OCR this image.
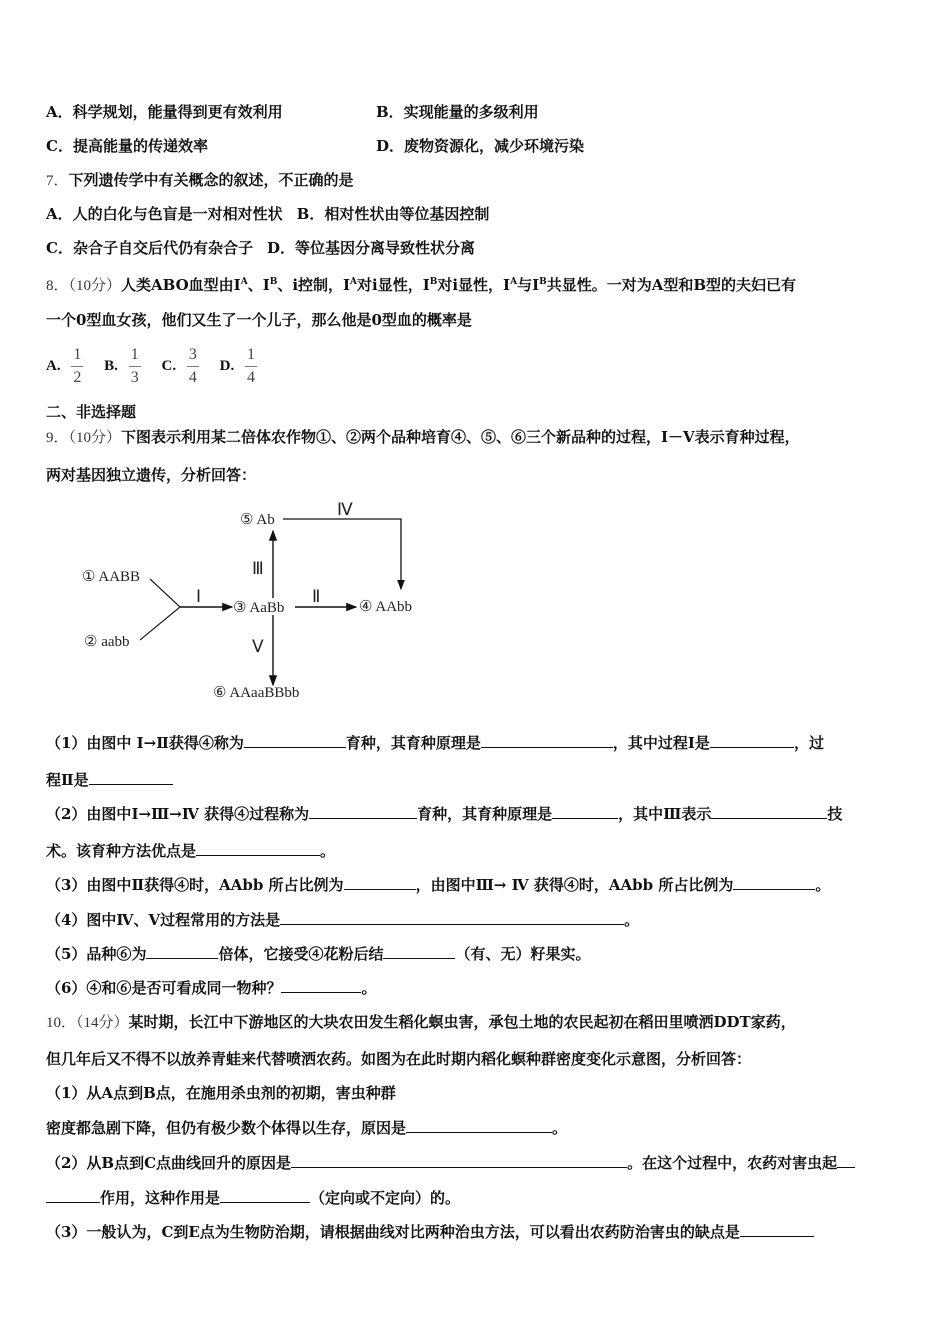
A．科学规划，能量得到更有效利用	B．实现能量的多级利用
C．提高能量的传递效率	D．废物资源化，减少环境污染
7．下列遗传学中有关概念的叙述，不正确的是
A．人的白化与色盲是一对相对性状 B．相对性状由等位基因控制
C．杂合子自交后代仍有杂合子 D．等位基因分离导致性状分离
8．（10分）人类ABO血型由$I^A$、$I^B$、i控制，$I^A$对i显性，$I^B$对i显性，$I^A$与$I^B$共显性。一对为A型和B型的夫妇已有
一个0型血女孩，他们又生了一个儿子，那么他是0型血的概率是
A. $\frac{1}{2} B$. $\frac{1}{3} C$. $\frac{3}{4} D$. $\frac{1}{4}$
二、非选择题
9．（10分）下图表示利用某二倍体农作物①、②两个品种培育④、⑤、⑥三个新品种的过程，Ⅰ－Ⅴ表示育种过程，
两对基因独立遗传，分析回答：
⑤ Ab
① AABB
② aabb
③ AaBb	④ AAbb
⑥ AAaaBBbb
Ⅰ	Ⅱ
Ⅲ
Ⅳ
Ⅴ
（1）由图中 Ⅰ→Ⅱ获得④称为	育种，其育种原理是	，其中过程Ⅰ是	，过
程Ⅱ是
（2）由图中Ⅰ→Ⅲ→Ⅳ 获得④过程称为	育种，其育种原理是	，其中Ⅲ表示	技
术。该育种方法优点是	。
（3）由图中Ⅱ获得④时，AAbb 所占比例为	，由图中Ⅲ→ Ⅳ 获得④时，AAbb 所占比例为	。
（4）图中Ⅳ、Ⅴ过程常用的方法是	。
（5）品种⑥为	倍体，它接受④花粉后结	（有、无）籽果实。
（6）④和⑥是否可看成同一物种？	。
10．（14分）某时期，长江中下游地区的大块农田发生稻化螟虫害，承包土地的农民起初在稻田里喷洒DDT家药，
但几年后又不得不以放养青蛙来代替喷洒农药。如图为在此时期内稻化螟种群密度变化示意图，分析回答：
（1）从A点到B点，在施用杀虫剂的初期，害虫种群
密度都急剧下降，但仍有极少数个体得以生存，原因是	。
（2）从B点到C点曲线回升的原因是	。在这个过程中，农药对害虫起
作用，这种作用是	（定向或不定向）的。
（3）一般认为，C到E点为生物防治期，请根据曲线对比两种治虫方法，可以看出农药防治害虫的缺点是
